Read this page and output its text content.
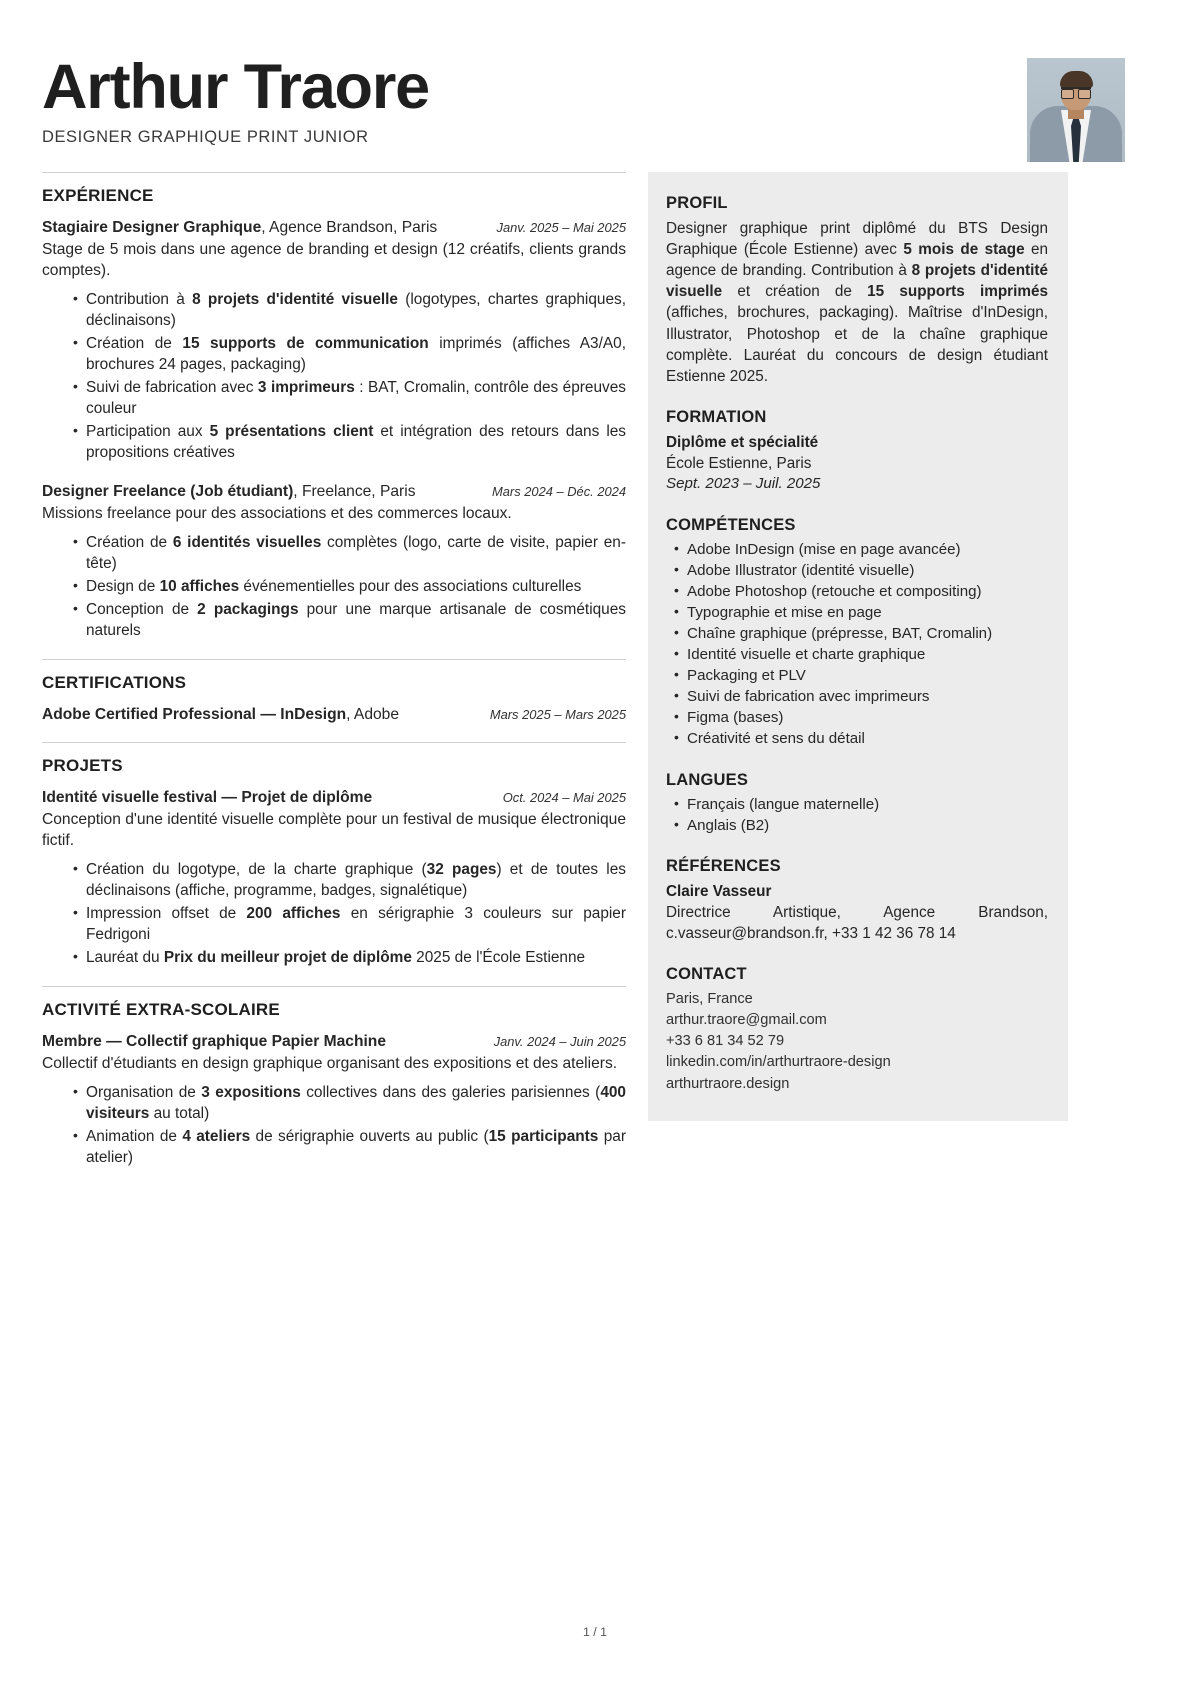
Arthur Traore
DESIGNER GRAPHIQUE PRINT JUNIOR
EXPÉRIENCE
Stagiaire Designer Graphique, Agence Brandson, Paris	Janv. 2025 – Mai 2025

Stage de 5 mois dans une agence de branding et design (12 créatifs, clients grands comptes).

• Contribution à 8 projets d'identité visuelle (logotypes, chartes graphiques, déclinaisons)
• Création de 15 supports de communication imprimés (affiches A3/A0, brochures 24 pages, packaging)
• Suivi de fabrication avec 3 imprimeurs : BAT, Cromalin, contrôle des épreuves couleur
• Participation aux 5 présentations client et intégration des retours dans les propositions créatives
Designer Freelance (Job étudiant), Freelance, Paris	Mars 2024 – Déc. 2024

Missions freelance pour des associations et des commerces locaux.

• Création de 6 identités visuelles complètes (logo, carte de visite, papier en-tête)
• Design de 10 affiches événementielles pour des associations culturelles
• Conception de 2 packagings pour une marque artisanale de cosmétiques naturels
CERTIFICATIONS
Adobe Certified Professional — InDesign, Adobe	Mars 2025 – Mars 2025
PROJETS
Identité visuelle festival — Projet de diplôme	Oct. 2024 – Mai 2025

Conception d'une identité visuelle complète pour un festival de musique électronique fictif.

• Création du logotype, de la charte graphique (32 pages) et de toutes les déclinaisons (affiche, programme, badges, signalétique)
• Impression offset de 200 affiches en sérigraphie 3 couleurs sur papier Fedrigoni
• Lauréat du Prix du meilleur projet de diplôme 2025 de l'École Estienne
ACTIVITÉ EXTRA-SCOLAIRE
Membre — Collectif graphique Papier Machine	Janv. 2024 – Juin 2025

Collectif d'étudiants en design graphique organisant des expositions et des ateliers.

• Organisation de 3 expositions collectives dans des galeries parisiennes (400 visiteurs au total)
• Animation de 4 ateliers de sérigraphie ouverts au public (15 participants par atelier)
PROFIL

Designer graphique print diplômé du BTS Design Graphique (École Estienne) avec 5 mois de stage en agence de branding. Contribution à 8 projets d'identité visuelle et création de 15 supports imprimés (affiches, brochures, packaging). Maîtrise d'InDesign, Illustrator, Photoshop et de la chaîne graphique complète. Lauréat du concours de design étudiant Estienne 2025.

FORMATION

Diplôme et spécialité

École Estienne, Paris

Sept. 2023 – Juil. 2025

COMPÉTENCES
• Adobe InDesign (mise en page avancée)
• Adobe Illustrator (identité visuelle)
• Adobe Photoshop (retouche et compositing)
• Typographie et mise en page
• Chaîne graphique (prépresse, BAT, Cromalin)
• Identité visuelle et charte graphique
• Packaging et PLV
• Suivi de fabrication avec imprimeurs
• Figma (bases)
• Créativité et sens du détail
LANGUES
• Français (langue maternelle)
• Anglais (B2)
RÉFÉRENCES

Claire Vasseur

Directrice Artistique, Agence Brandson, c.vasseur@brandson.fr, +33 1 42 36 78 14

CONTACT

Paris, France

arthur.traore@gmail.com

+33 6 81 34 52 79

linkedin.com/in/arthurtraore-design

arthurtraore.design

1 / 1
